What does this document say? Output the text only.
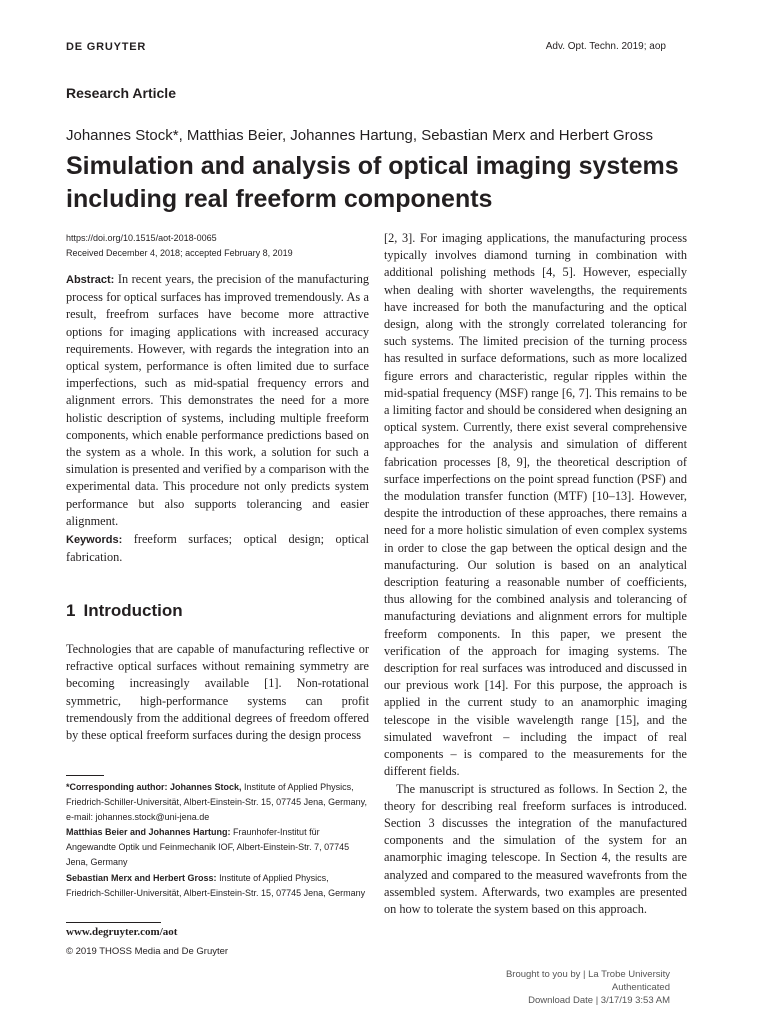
DE GRUYTER	Adv. Opt. Techn. 2019; aop
Research Article
Johannes Stock*, Matthias Beier, Johannes Hartung, Sebastian Merx and Herbert Gross
Simulation and analysis of optical imaging systems including real freeform components
https://doi.org/10.1515/aot-2018-0065
Received December 4, 2018; accepted February 8, 2019

Abstract: In recent years, the precision of the manufacturing process for optical surfaces has improved tremendously. As a result, freefrom surfaces have become more attractive options for imaging applications with increased accuracy requirements. However, with regards the integration into an optical system, performance is often limited due to surface imperfections, such as mid-spatial frequency errors and alignment errors. This demonstrates the need for a more holistic description of systems, including multiple freeform components, which enable performance predictions based on the system as a whole. In this work, a solution for such a simulation is presented and verified by a comparison with the experimental data. This procedure not only predicts system performance but also supports tolerancing and easier alignment.

Keywords: freeform surfaces; optical design; optical fabrication.

1 Introduction

Technologies that are capable of manufacturing reflective or refractive optical surfaces without remaining symmetry are becoming increasingly available [1]. Non-rotational symmetric, high-performance systems can profit tremendously from the additional degrees of freedom offered by these optical freeform surfaces during the design process

*Corresponding author: Johannes Stock, Institute of Applied Physics, Friedrich-Schiller-Universität, Albert-Einstein-Str. 15, 07745 Jena, Germany, e-mail: johannes.stock@uni-jena.de
Matthias Beier and Johannes Hartung: Fraunhofer-Institut für Angewandte Optik und Feinmechanik IOF, Albert-Einstein-Str. 7, 07745 Jena, Germany
Sebastian Merx and Herbert Gross: Institute of Applied Physics, Friedrich-Schiller-Universität, Albert-Einstein-Str. 15, 07745 Jena, Germany
www.degruyter.com/aot
© 2019 THOSS Media and De Gruyter

[2, 3]. For imaging applications, the manufacturing process typically involves diamond turning in combination with additional polishing methods [4, 5]. However, especially when dealing with shorter wavelengths, the requirements have increased for both the manufacturing and the optical design, along with the strongly correlated tolerancing for such systems. The limited precision of the turning process has resulted in surface deformations, such as more localized figure errors and characteristic, regular ripples within the mid-spatial frequency (MSF) range [6, 7]. This remains to be a limiting factor and should be considered when designing an optical system. Currently, there exist several comprehensive approaches for the analysis and simulation of different fabrication processes [8, 9], the theoretical description of surface imperfections on the point spread function (PSF) and the modulation transfer function (MTF) [10–13]. However, despite the introduction of these approaches, there remains a need for a more holistic simulation of even complex systems in order to close the gap between the optical design and the manufacturing. Our solution is based on an analytical description featuring a reasonable number of coefficients, thus allowing for the combined analysis and tolerancing of manufacturing deviations and alignment errors for multiple freeform components. In this paper, we present the verification of the approach for imaging systems. The description for real surfaces was introduced and discussed in our previous work [14]. For this purpose, the approach is applied in the current study to an anamorphic imaging telescope in the visible wavelength range [15], and the simulated wavefront – including the impact of real components – is compared to the measurements for the different fields.

The manuscript is structured as follows. In Section 2, the theory for describing real freeform surfaces is introduced. Section 3 discusses the integration of the manufactured components and the simulation of the system for an anamorphic imaging telescope. In Section 4, the results are analyzed and compared to the measured wavefronts from the assembled system. Afterwards, two examples are presented on how to tolerate the system based on this approach.

Brought to you by | La Trobe University
Authenticated
Download Date | 3/17/19 3:53 AM
